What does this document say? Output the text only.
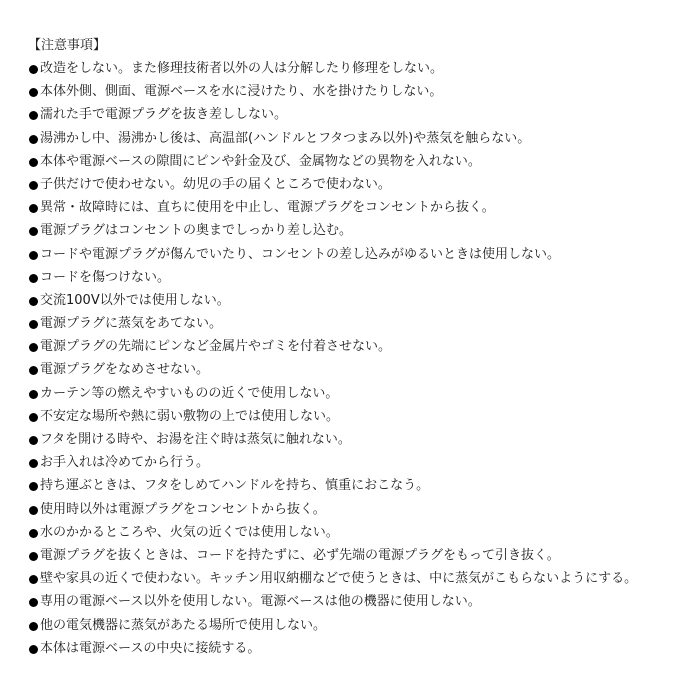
【注意事項】
改造をしない。また修理技術者以外の人は分解したり修理をしない。
本体外側、側面、電源ベースを水に浸けたり、水を掛けたりしない。
濡れた手で電源プラグを抜き差ししない。
湯沸かし中、湯沸かし後は、高温部(ハンドルとフタつまみ以外)や蒸気を触らない。
本体や電源ベースの隙間にピンや針金及び、金属物などの異物を入れない。
子供だけで使わせない。幼児の手の届くところで使わない。
異常・故障時には、直ちに使用を中止し、電源プラグをコンセントから抜く。
電源プラグはコンセントの奥までしっかり差し込む。
コードや電源プラグが傷んでいたり、コンセントの差し込みがゆるいときは使用しない。
コードを傷つけない。
交流100V以外では使用しない。
電源プラグに蒸気をあてない。
電源プラグの先端にピンなど金属片やゴミを付着させない。
電源プラグをなめさせない。
カーテン等の燃えやすいものの近くで使用しない。
不安定な場所や熱に弱い敷物の上では使用しない。
フタを開ける時や、お湯を注ぐ時は蒸気に触れない。
お手入れは冷めてから行う。
持ち運ぶときは、フタをしめてハンドルを持ち、慎重におこなう。
使用時以外は電源プラグをコンセントから抜く。
水のかかるところや、火気の近くでは使用しない。
電源プラグを抜くときは、コードを持たずに、必ず先端の電源プラグをもって引き抜く。
壁や家具の近くで使わない。キッチン用収納棚などで使うときは、中に蒸気がこもらないようにする。
専用の電源ベース以外を使用しない。電源ベースは他の機器に使用しない。
他の電気機器に蒸気があたる場所で使用しない。
本体は電源ベースの中央に接続する。
